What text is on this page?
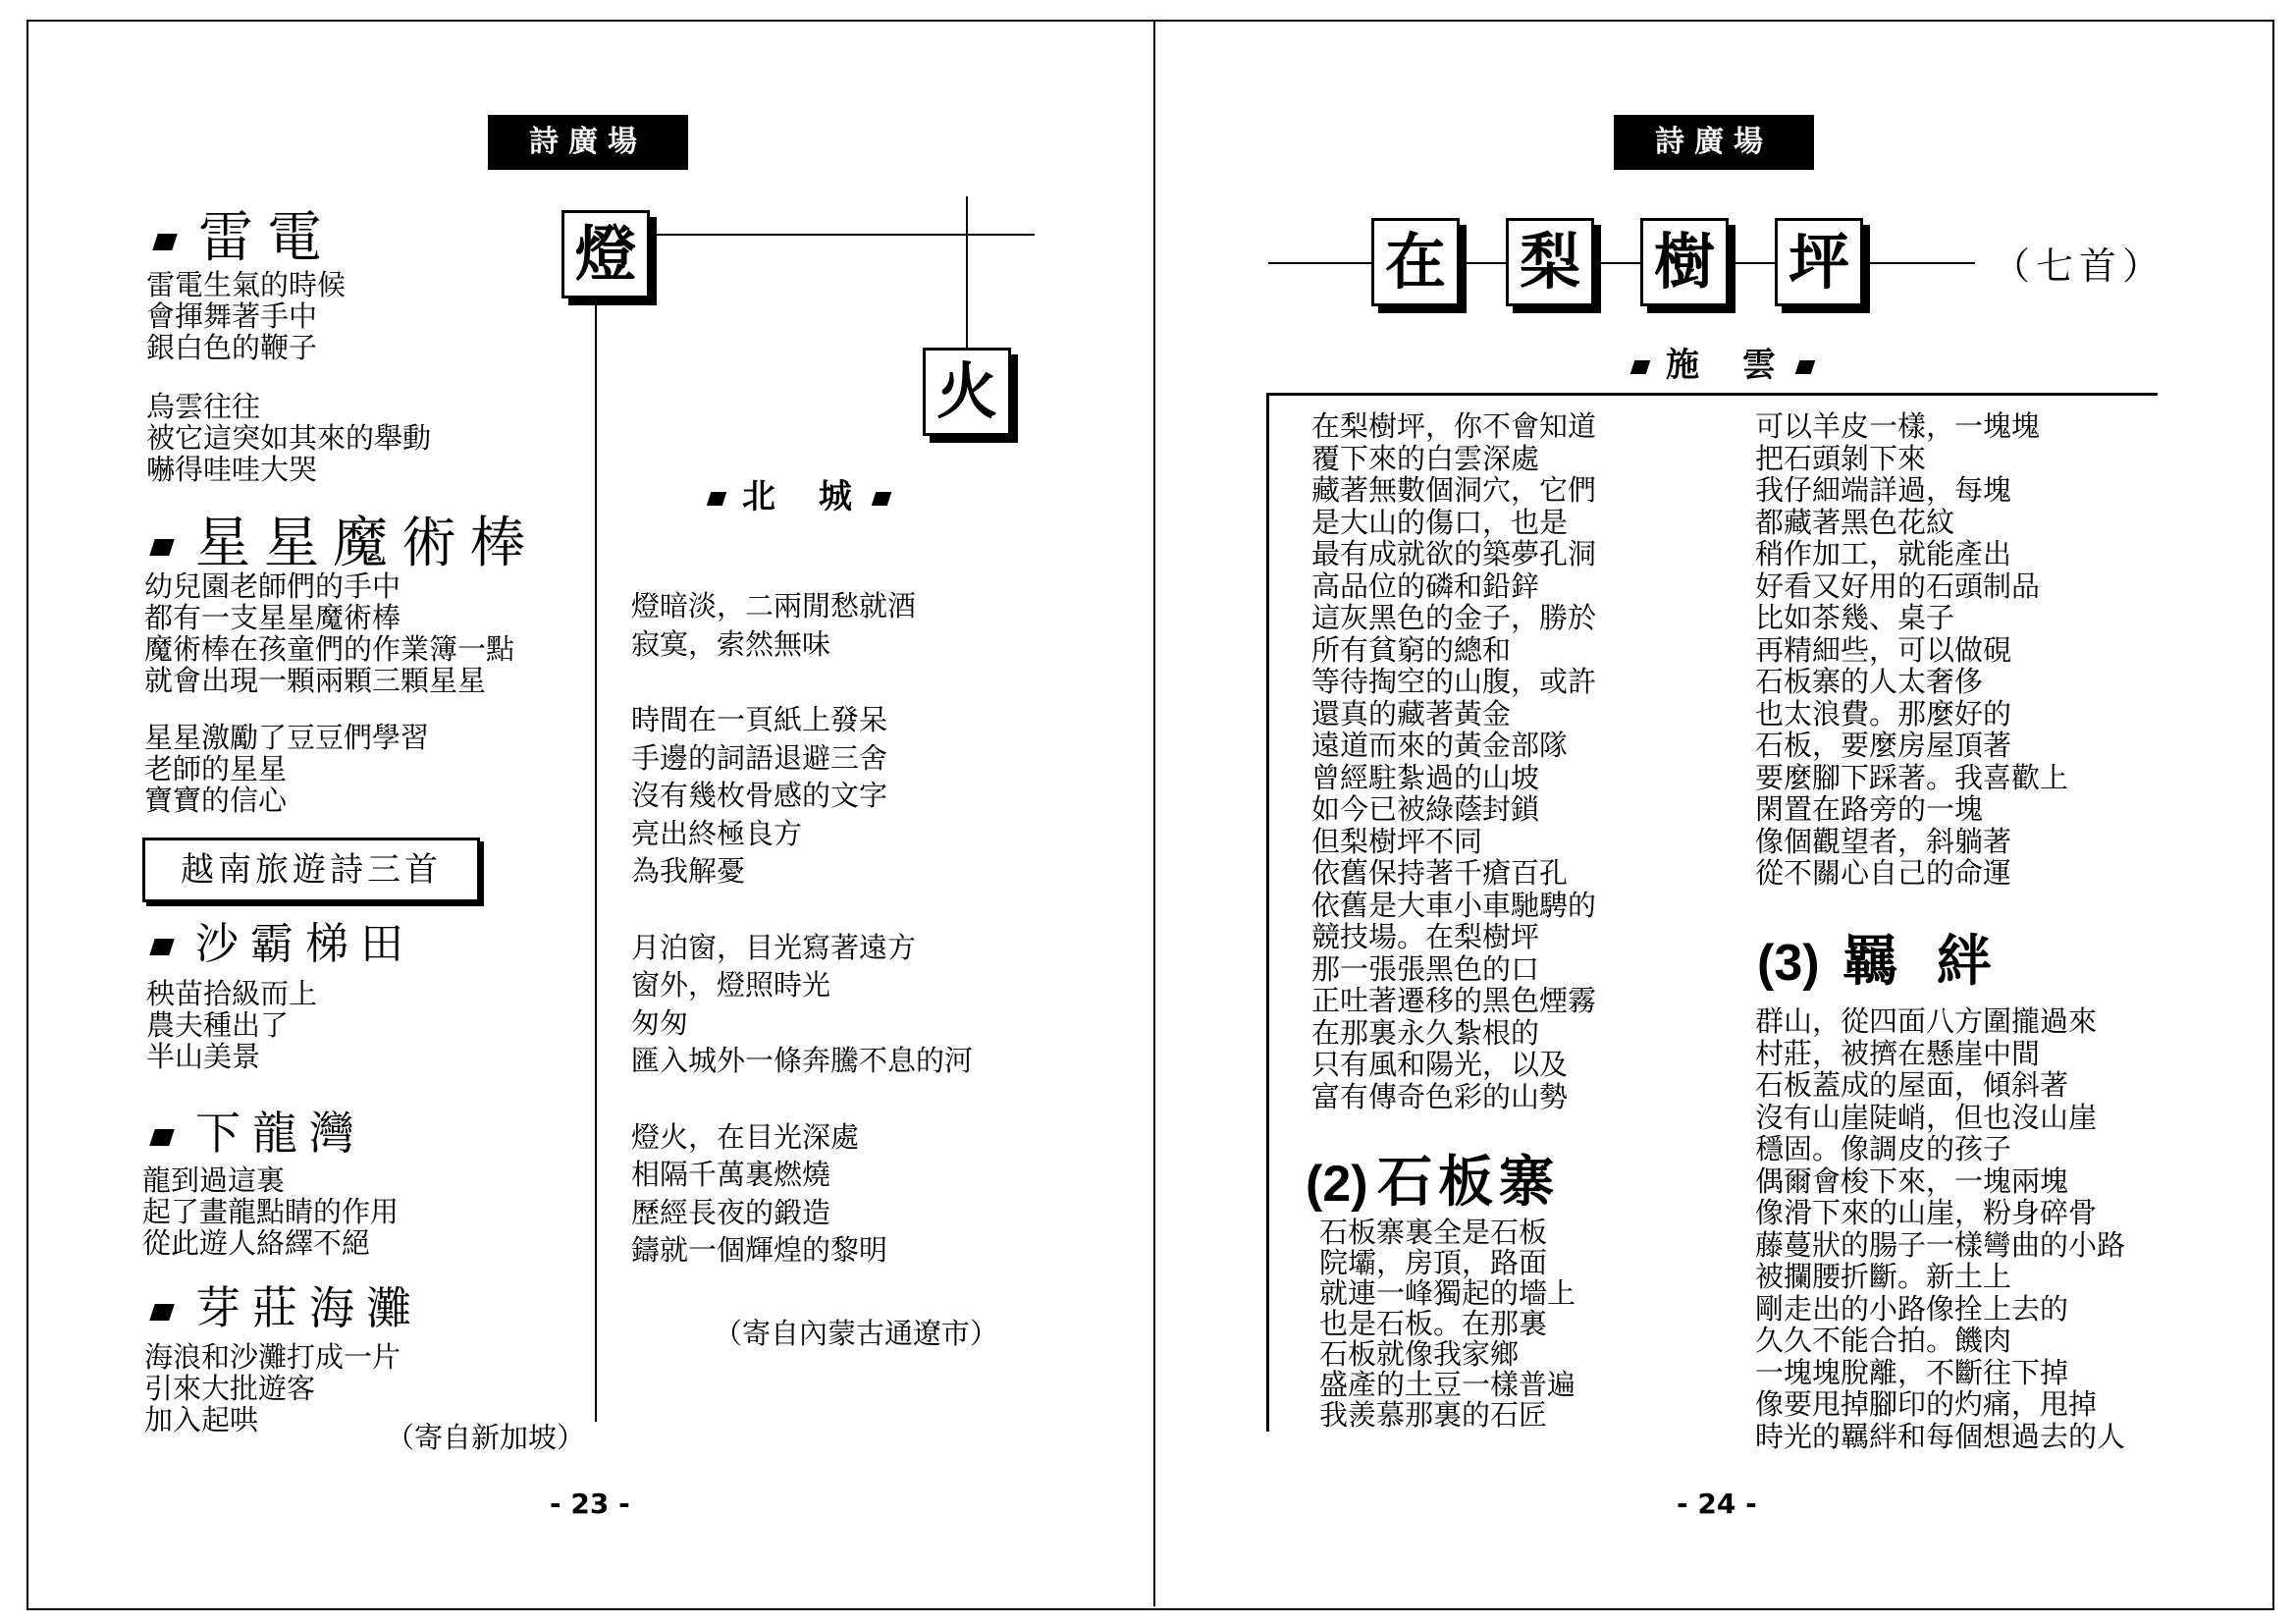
詩廣場
雷電
雷電生氣的時候
會揮舞著手中
銀白色的鞭子
烏雲往往
被它這突如其來的舉動
嚇得哇哇大哭
星星魔術棒
幼兒園老師們的手中
都有一支星星魔術棒
魔術棒在孩童們的作業簿一點
就會出現一顆兩顆三顆星星
星星激勵了豆豆們學習
老師的星星
寶寶的信心
越南旅遊詩三首
沙霸梯田
秧苗拾級而上
農夫種出了
半山美景
下龍灣
龍到過這裏
起了畫龍點睛的作用
從此遊人絡繹不絕
芽莊海灘
海浪和沙灘打成一片
引來大批遊客
加入起哄
（寄自新加坡）
燈
火
北 城
燈暗淡，二兩閒愁就酒
寂寞，索然無味
時間在一頁紙上發呆
手邊的詞語退避三舍
沒有幾枚骨感的文字
亮出終極良方
為我解憂
月泊窗，目光寫著遠方
窗外，燈照時光
匆匆
匯入城外一條奔騰不息的河
燈火，在目光深處
相隔千萬裏燃燒
歷經長夜的鍛造
鑄就一個輝煌的黎明
（寄自內蒙古通遼市）
- 23 -
詩廣場
在 梨 樹 坪	（七首）
施 雲
在梨樹坪，你不會知道
覆下來的白雲深處
藏著無數個洞穴，它們
是大山的傷口，也是
最有成就欲的築夢孔洞
高品位的磷和鉛鋅
這灰黑色的金子，勝於
所有貧窮的總和
等待掏空的山腹，或許
還真的藏著黃金
遠道而來的黃金部隊
曾經駐紮過的山坡
如今已被綠蔭封鎖
但梨樹坪不同
依舊保持著千瘡百孔
依舊是大車小車馳騁的
競技場。在梨樹坪
那一張張黑色的口
正吐著遷移的黑色煙霧
在那裏永久紮根的
只有風和陽光，以及
富有傳奇色彩的山勢
(2) 石板寨
石板寨裏全是石板
院壩，房頂，路面
就連一峰獨起的墻上
也是石板。在那裏
石板就像我家鄉
盛產的土豆一樣普遍
我羨慕那裏的石匠
可以羊皮一樣，一塊塊
把石頭剝下來
我仔細端詳過，每塊
都藏著黑色花紋
稍作加工，就能產出
好看又好用的石頭制品
比如茶幾、桌子
再精細些，可以做硯
石板寨的人太奢侈
也太浪費。那麼好的
石板，要麼房屋頂著
要麼腳下踩著。我喜歡上
閑置在路旁的一塊
像個觀望者，斜躺著
從不關心自己的命運
(3) 羈 絆
群山，從四面八方圍攏過來
村莊，被擠在懸崖中間
石板蓋成的屋面，傾斜著
沒有山崖陡峭，但也沒山崖
穩固。像調皮的孩子
偶爾會梭下來，一塊兩塊
像滑下來的山崖，粉身碎骨
藤蔓狀的腸子一樣彎曲的小路
被攔腰折斷。新土上
剛走出的小路像拴上去的
久久不能合拍。饑肉
一塊塊脫離，不斷往下掉
像要甩掉腳印的灼痛，甩掉
時光的羈絆和每個想過去的人
- 24 -
